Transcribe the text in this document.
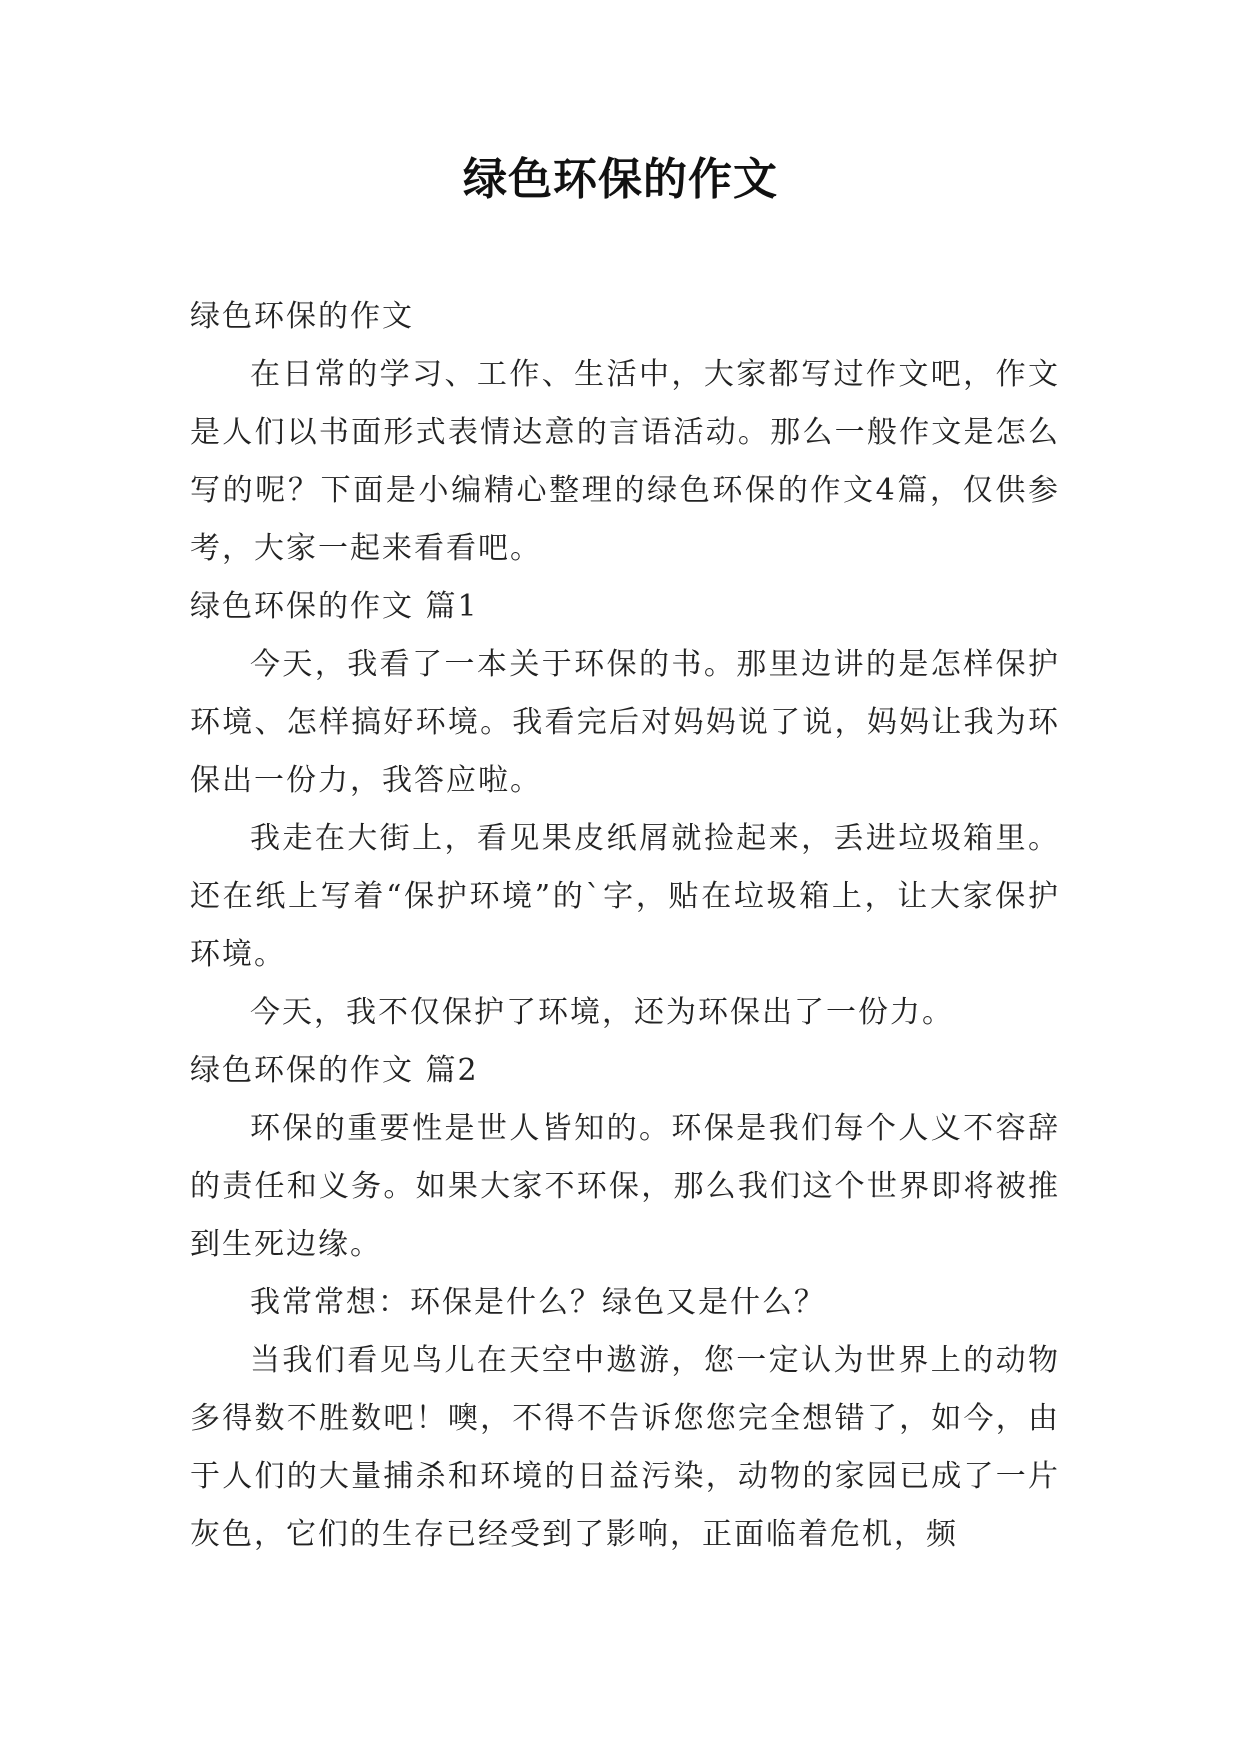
绿色环保的作文

绿色环保的作文

在日常的学习、工作、生活中，大家都写过作文吧，作文是人们以书面形式表情达意的言语活动。那么一般作文是怎么写的呢？下面是小编精心整理的绿色环保的作文4篇，仅供参考，大家一起来看看吧。

绿色环保的作文 篇1

今天，我看了一本关于环保的书。那里边讲的是怎样保护环境、怎样搞好环境。我看完后对妈妈说了说，妈妈让我为环保出一份力，我答应啦。

我走在大街上，看见果皮纸屑就捡起来，丢进垃圾箱里。还在纸上写着“保护环境”的`字，贴在垃圾箱上，让大家保护环境。

今天，我不仅保护了环境，还为环保出了一份力。

绿色环保的作文 篇2

环保的重要性是世人皆知的。环保是我们每个人义不容辞的责任和义务。如果大家不环保，那么我们这个世界即将被推到生死边缘。

我常常想：环保是什么？绿色又是什么？

当我们看见鸟儿在天空中遨游，您一定认为世界上的动物多得数不胜数吧！噢，不得不告诉您您完全想错了，如今，由于人们的大量捕杀和环境的日益污染，动物的家园已成了一片灰色，它们的生存已经受到了影响，正面临着危机，频
